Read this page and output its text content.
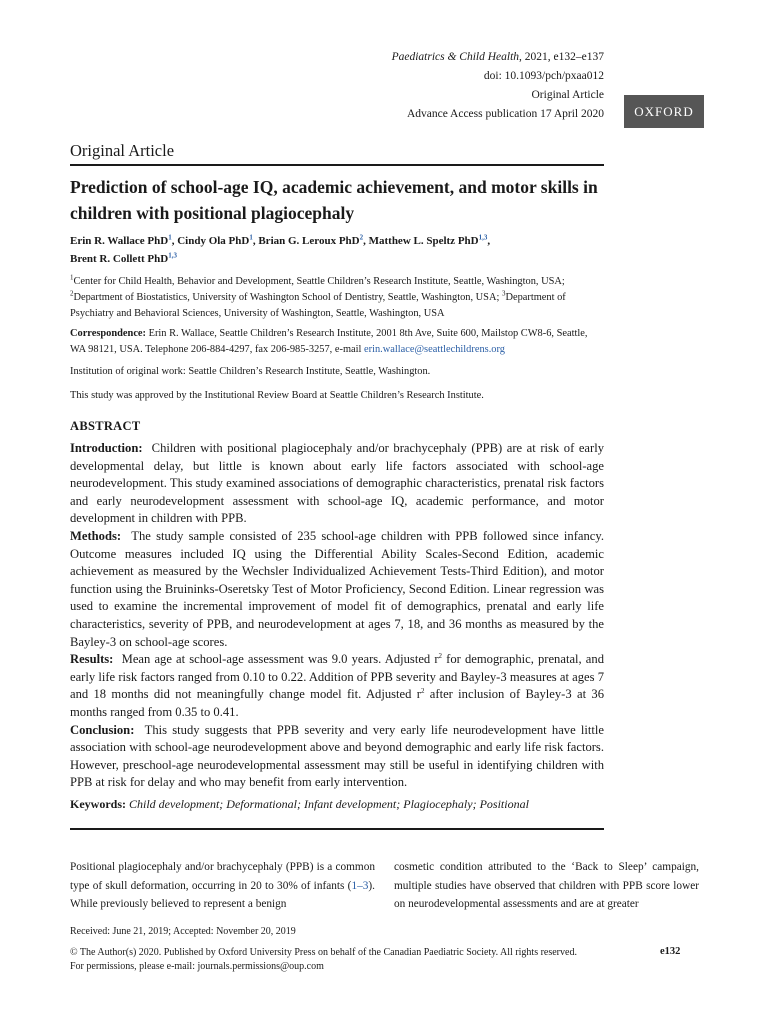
Paediatrics & Child Health, 2021, e132–e137
doi: 10.1093/pch/pxaa012
Original Article
Advance Access publication 17 April 2020	OXFORD
Original Article
Prediction of school-age IQ, academic achievement, and motor skills in children with positional plagiocephaly
Erin R. Wallace PhD$^1$, Cindy Ola PhD$^1$, Brian G. Leroux PhD$^2$, Matthew L. Speltz PhD$^{1,3}$,
Brent R. Collett PhD$^{1,3}$
$^1$Center for Child Health, Behavior and Development, Seattle Children’s Research Institute, Seattle, Washington, USA;
$^2$Department of Biostatistics, University of Washington School of Dentistry, Seattle, Washington, USA; $^3$Department of Psychiatry and Behavioral Sciences, University of Washington, Seattle, Washington, USA
Correspondence: Erin R. Wallace, Seattle Children’s Research Institute, 2001 8th Ave, Suite 600, Mailstop CW8-6, Seattle, WA 98121, USA. Telephone 206-884-4297, fax 206-985-3257, e-mail erin.wallace@seattlechildrens.org
Institution of original work: Seattle Children’s Research Institute, Seattle, Washington.
This study was approved by the Institutional Review Board at Seattle Children’s Research Institute.
ABSTRACT

Introduction: Children with positional plagiocephaly and/or brachycephaly (PPB) are at risk of early developmental delay, but little is known about early life factors associated with school-age neurodevelopment. This study examined associations of demographic characteristics, prenatal risk factors and early neurodevelopment assessment with school-age IQ, academic performance, and motor development in children with PPB.

Methods: The study sample consisted of 235 school-age children with PPB followed since infancy. Outcome measures included IQ using the Differential Ability Scales-Second Edition, academic achievement as measured by the Wechsler Individualized Achievement Tests-Third Edition), and motor function using the Bruininks-Oseretsky Test of Motor Proficiency, Second Edition. Linear regression was used to examine the incremental improvement of model fit of demographics, prenatal and early life characteristics, severity of PPB, and neurodevelopment at ages 7, 18, and 36 months as measured by the Bayley-3 on school-age scores.

Results: Mean age at school-age assessment was 9.0 years. Adjusted $r^2$ for demographic, prenatal, and early life risk factors ranged from 0.10 to 0.22. Addition of PPB severity and Bayley-3 measures at ages 7 and 18 months did not meaningfully change model fit. Adjusted $r^2$ after inclusion of Bayley-3 at 36 months ranged from 0.35 to 0.41.

Conclusion: This study suggests that PPB severity and very early life neurodevelopment have little association with school-age neurodevelopment above and beyond demographic and early life risk factors. However, preschool-age neurodevelopmental assessment may still be useful in identifying children with PPB at risk for delay and who may benefit from early intervention.

Keywords: Child development; Deformational; Infant development; Plagiocephaly; Positional
Positional plagiocephaly and/or brachycephaly (PPB) is a common type of skull deformation, occurring in 20 to 30% of infants (1–3). While previously believed to represent a benign
cosmetic condition attributed to the ‘Back to Sleep’ campaign, multiple studies have observed that children with PPB score lower on neurodevelopmental assessments and are at greater
Received: June 21, 2019; Accepted: November 20, 2019
© The Author(s) 2020. Published by Oxford University Press on behalf of the Canadian Paediatric Society. All rights reserved.
For permissions, please e-mail: journals.permissions@oup.com
e132
